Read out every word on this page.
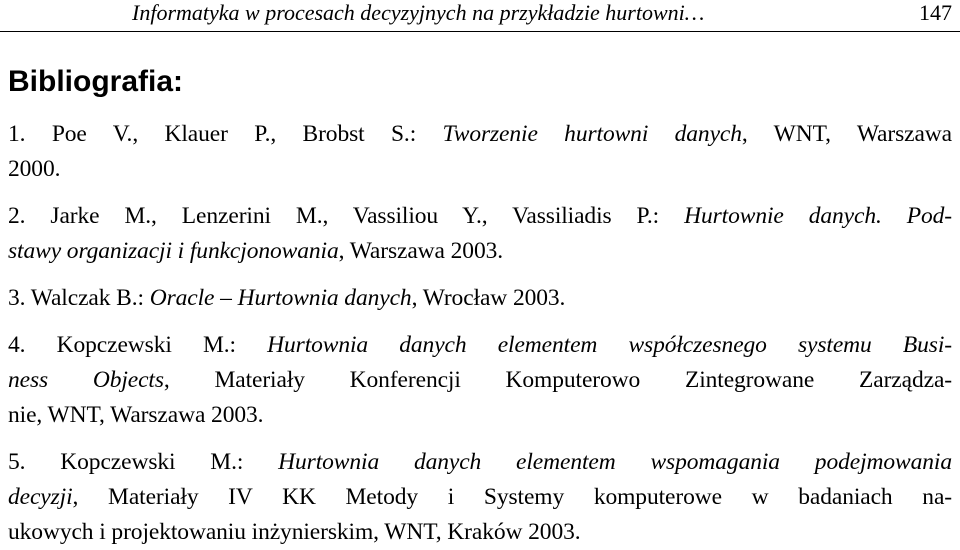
Informatyka w procesach decyzyjnych na przykładzie hurtowni…	147
Bibliografia:
1. Poe V., Klauer P., Brobst S.: Tworzenie hurtowni danych, WNT, Warszawa
2000.
2. Jarke M., Lenzerini M., Vassiliou Y., Vassiliadis P.: Hurtownie danych. Pod-
stawy organizacji i funkcjonowania, Warszawa 2003.
3. Walczak B.: Oracle – Hurtownia danych, Wrocław 2003.
4. Kopczewski M.: Hurtownia danych elementem współczesnego systemu Busi-
ness Objects, Materiały Konferencji Komputerowo Zintegrowane Zarządza-
nie, WNT, Warszawa 2003.
5. Kopczewski M.: Hurtownia danych elementem wspomagania podejmowania
decyzji, Materiały IV KK Metody i Systemy komputerowe w badaniach na-
ukowych i projektowaniu inżynierskim, WNT, Kraków 2003.
